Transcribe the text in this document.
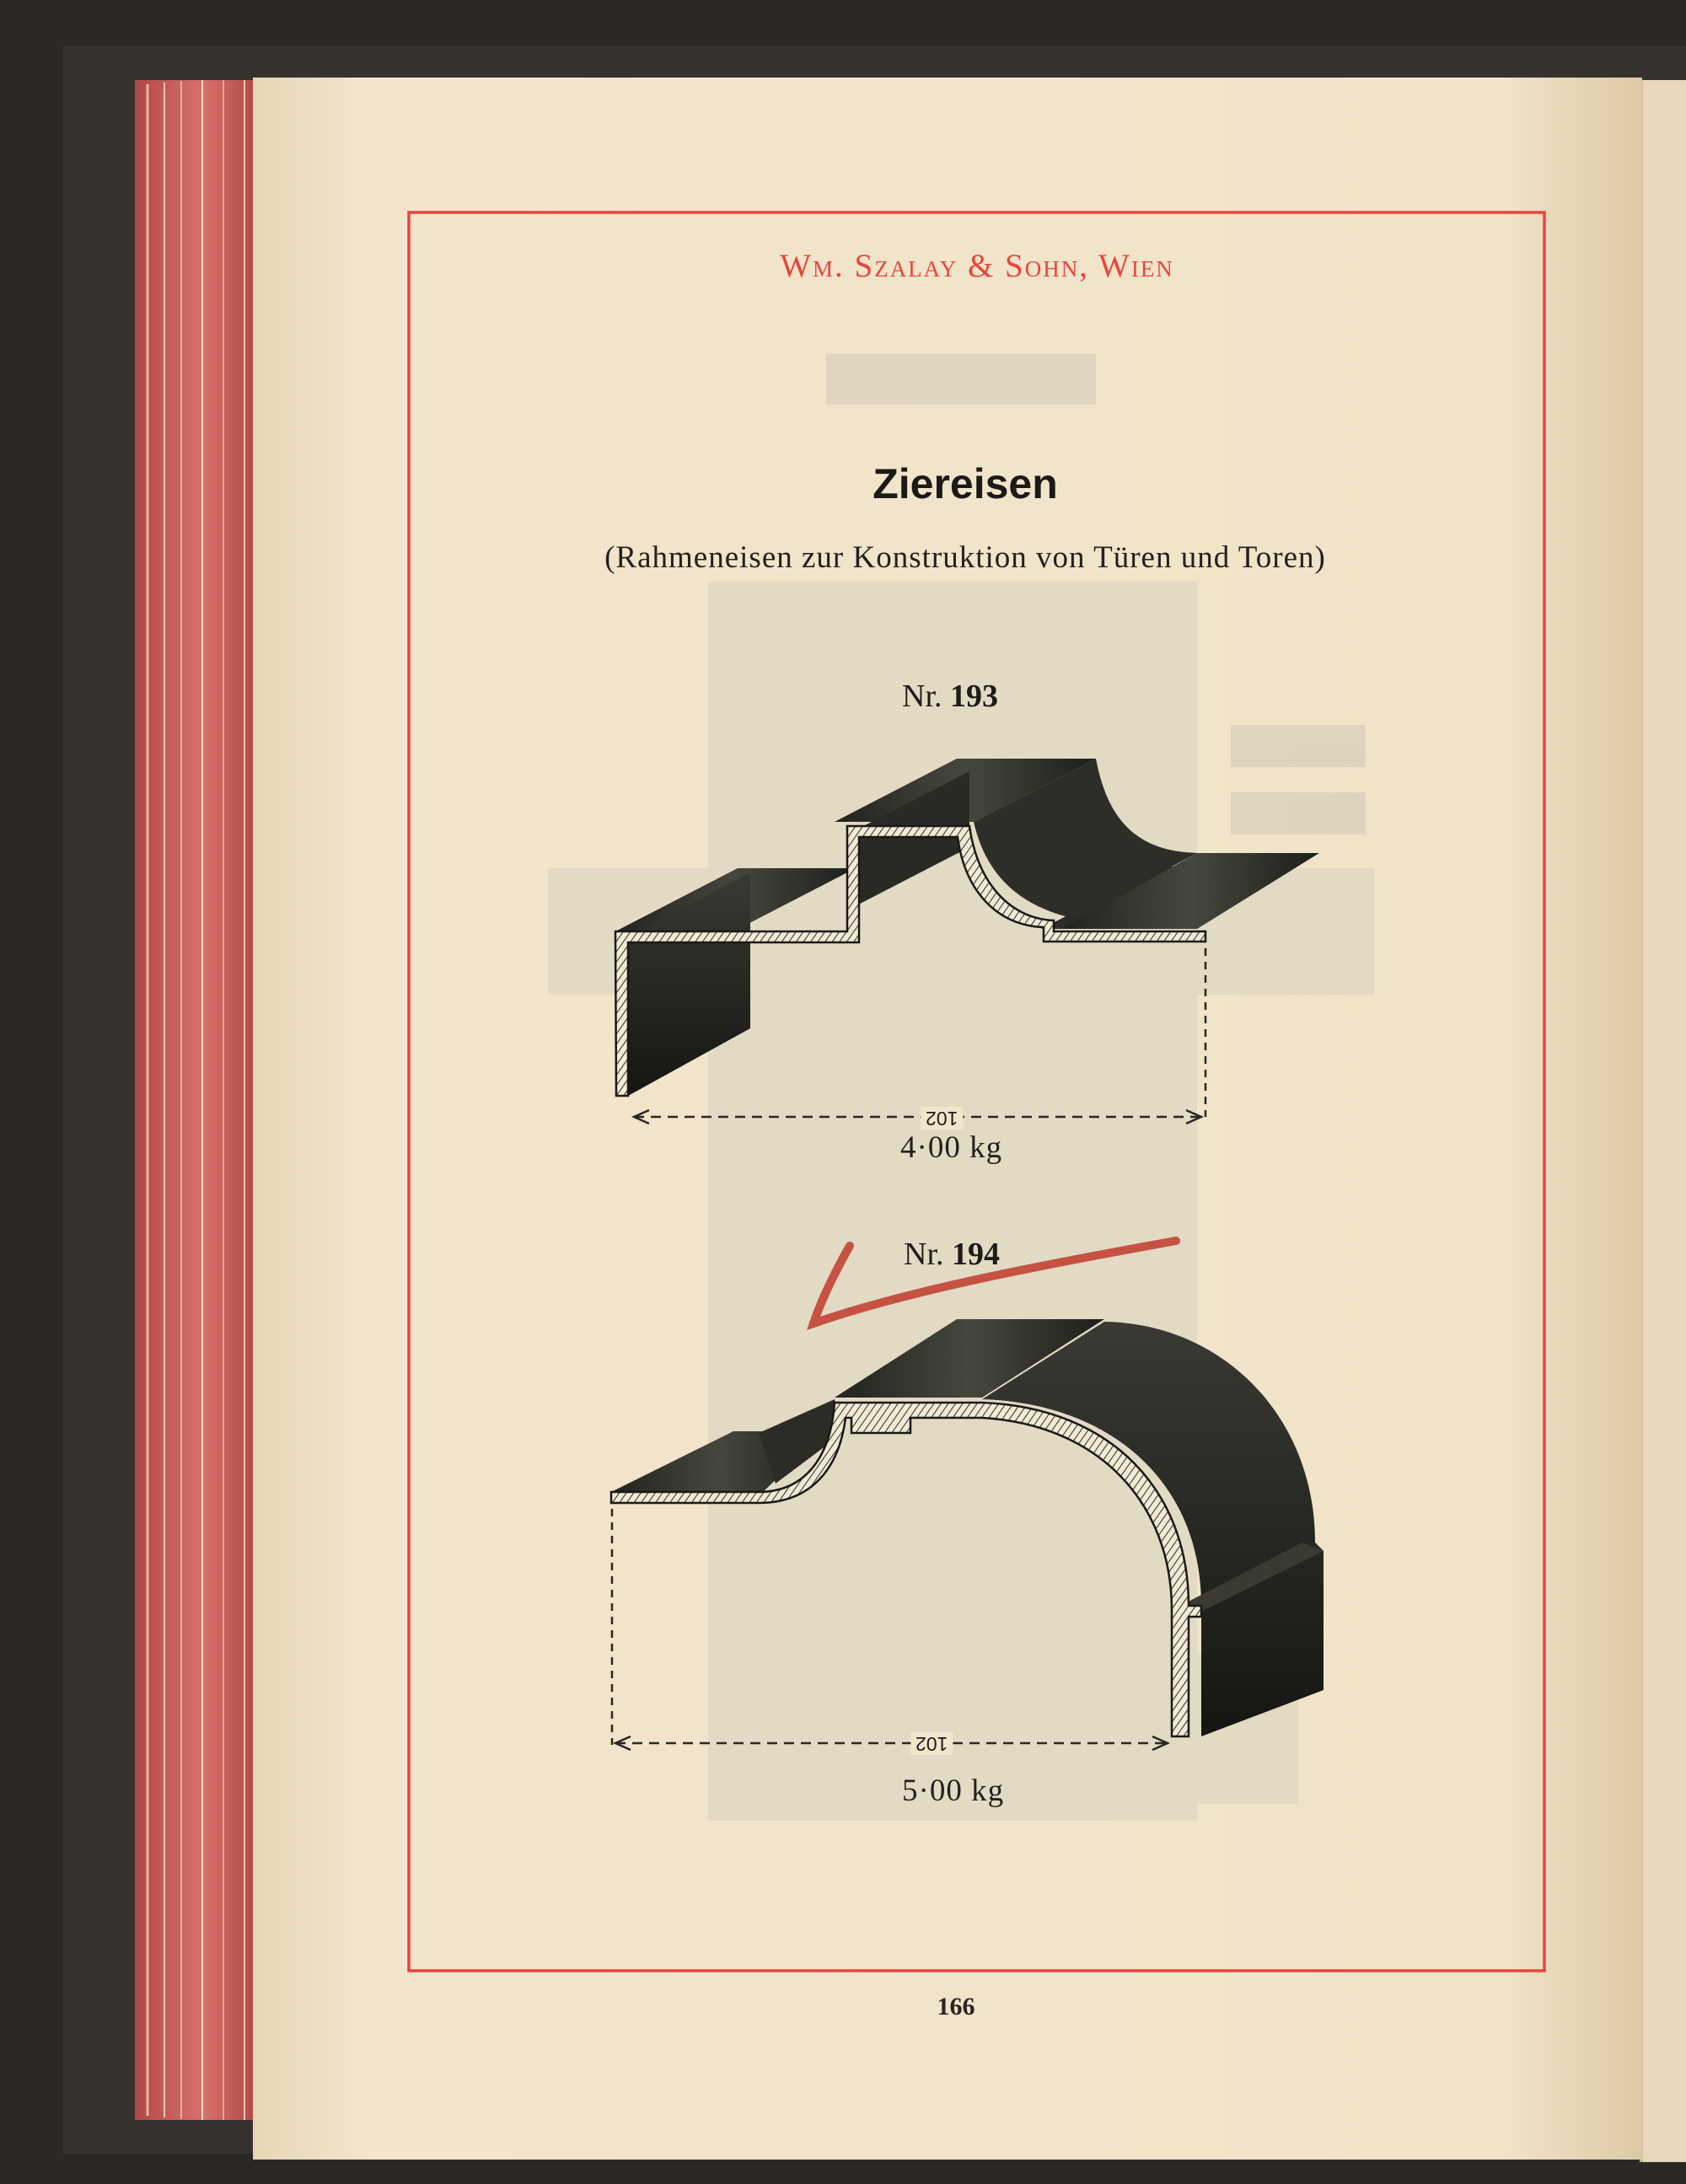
Wm. Szalay & Sohn, Wien
Ziereisen
(Rahmeneisen zur Konstruktion von Türen und Toren)
Nr. 193
102
4·00 kg
Nr. 194
102
5·00 kg
166
